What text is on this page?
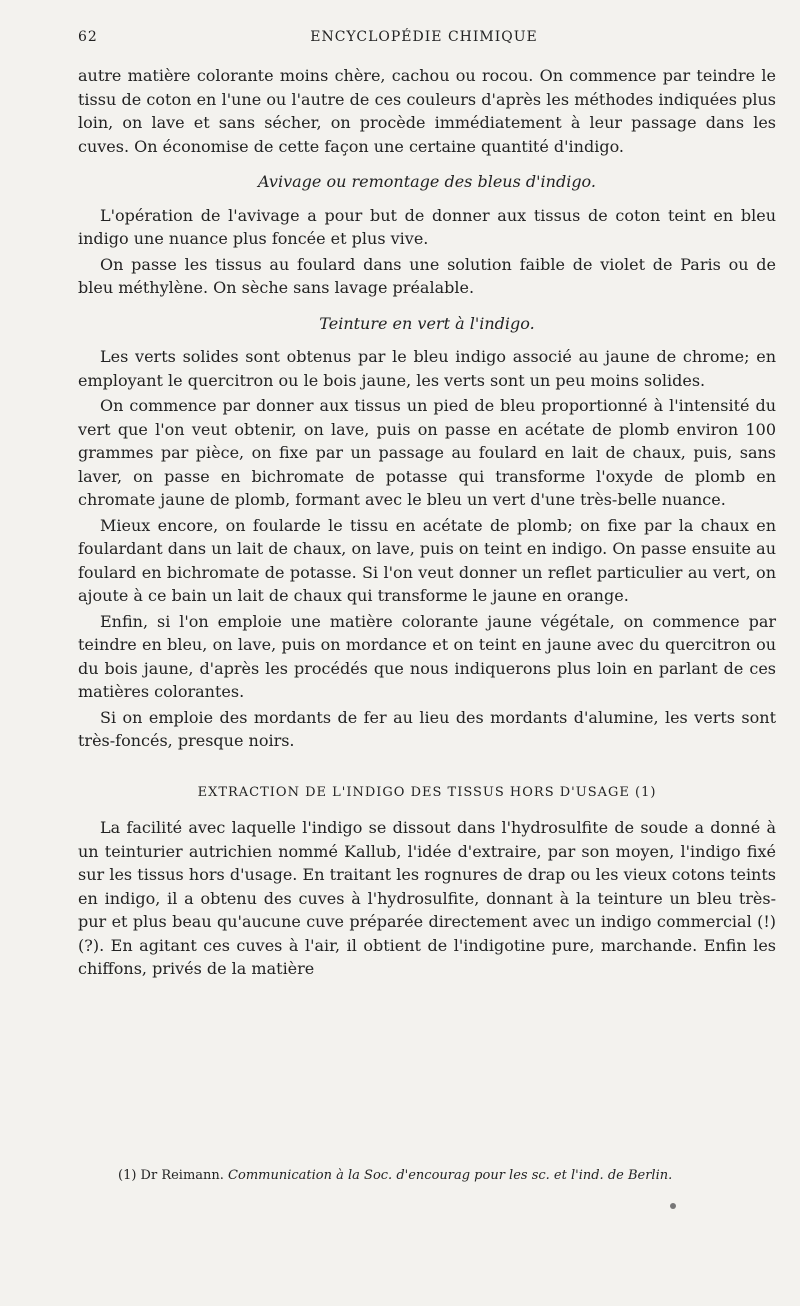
62	ENCYCLOPÉDIE CHIMIQUE

autre matière colorante moins chère, cachou ou rocou. On commence par teindre le tissu de coton en l'une ou l'autre de ces couleurs d'après les méthodes indiquées plus loin, on lave et sans sécher, on procède immédiatement à leur passage dans les cuves. On économise de cette façon une certaine quantité d'indigo.

Avivage ou remontage des bleus d'indigo.

L'opération de l'avivage a pour but de donner aux tissus de coton teint en bleu indigo une nuance plus foncée et plus vive.

On passe les tissus au foulard dans une solution faible de violet de Paris ou de bleu méthylène. On sèche sans lavage préalable.

Teinture en vert à l'indigo.

Les verts solides sont obtenus par le bleu indigo associé au jaune de chrome; en employant le quercitron ou le bois jaune, les verts sont un peu moins solides.

On commence par donner aux tissus un pied de bleu proportionné à l'intensité du vert que l'on veut obtenir, on lave, puis on passe en acétate de plomb environ 100 grammes par pièce, on fixe par un passage au foulard en lait de chaux, puis, sans laver, on passe en bichromate de potasse qui transforme l'oxyde de plomb en chromate jaune de plomb, formant avec le bleu un vert d'une très-belle nuance.

Mieux encore, on foularde le tissu en acétate de plomb; on fixe par la chaux en foulardant dans un lait de chaux, on lave, puis on teint en indigo. On passe ensuite au foulard en bichromate de potasse. Si l'on veut donner un reflet particulier au vert, on ajoute à ce bain un lait de chaux qui transforme le jaune en orange.

Enfin, si l'on emploie une matière colorante jaune végétale, on commence par teindre en bleu, on lave, puis on mordance et on teint en jaune avec du quercitron ou du bois jaune, d'après les procédés que nous indiquerons plus loin en parlant de ces matières colorantes.

Si on emploie des mordants de fer au lieu des mordants d'alumine, les verts sont très-foncés, presque noirs.

EXTRACTION DE L'INDIGO DES TISSUS HORS D'USAGE (1)

La facilité avec laquelle l'indigo se dissout dans l'hydrosulfite de soude a donné à un teinturier autrichien nommé Kallub, l'idée d'extraire, par son moyen, l'indigo fixé sur les tissus hors d'usage. En traitant les rognures de drap ou les vieux cotons teints en indigo, il a obtenu des cuves à l'hydrosulfite, donnant à la teinture un bleu très-pur et plus beau qu'aucune cuve préparée directement avec un indigo commercial (!) (?). En agitant ces cuves à l'air, il obtient de l'indigotine pure, marchande. Enfin les chiffons, privés de la matière

(1) Dr Reimann. Communication à la Soc. d'encourag pour les sc. et l'ind. de Berlin.
